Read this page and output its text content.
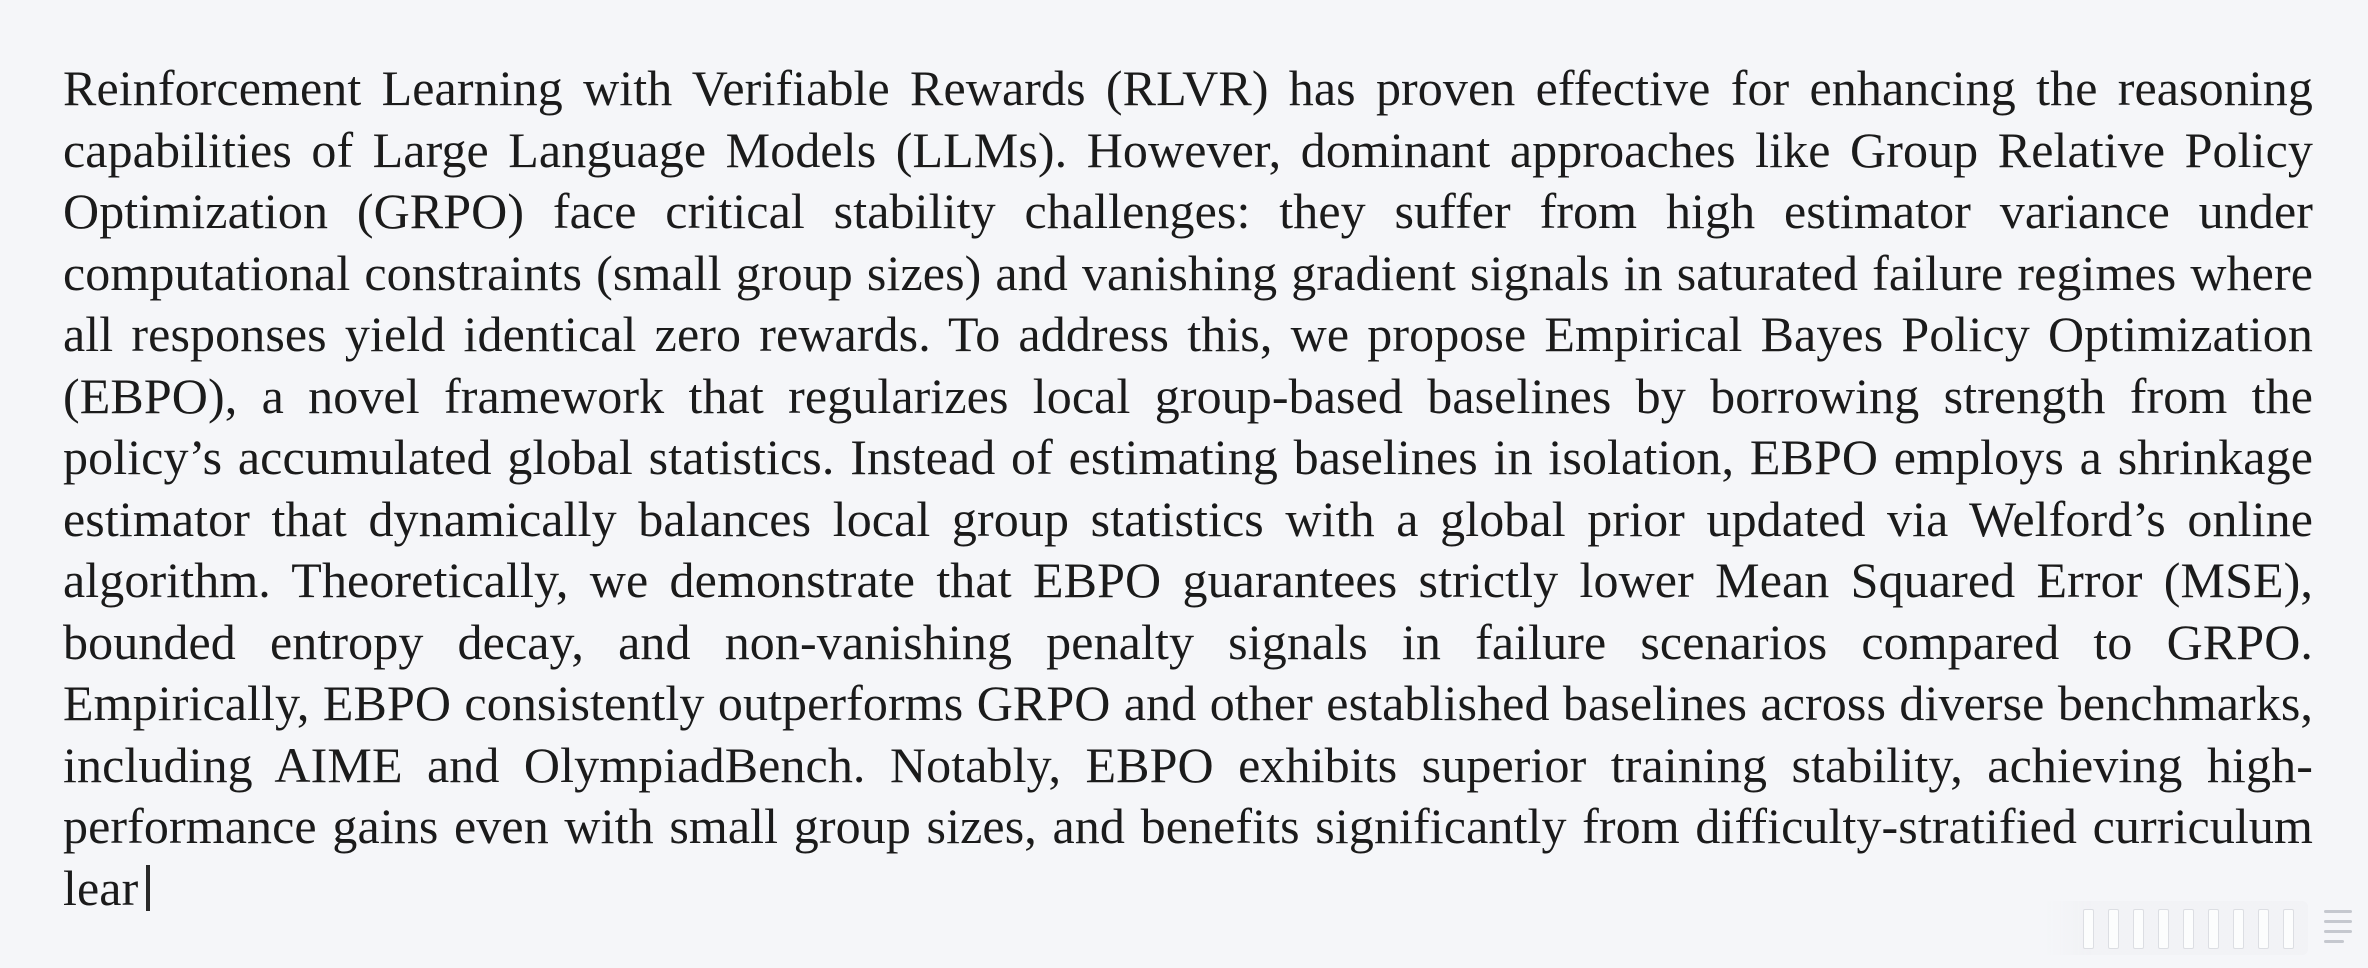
Reinforcement Learning with Verifiable Rewards (RLVR) has proven effective for enhancing the reasoning capabilities of Large Language Models (LLMs). However, dominant approaches like Group Relative Policy Optimization (GRPO) face critical stability challenges: they suffer from high estimator variance under computational constraints (small group sizes) and vanishing gradient signals in saturated failure regimes where all responses yield identical zero rewards. To address this, we propose Empirical Bayes Policy Optimization (EBPO), a novel framework that regularizes local group-based baselines by borrowing strength from the policy’s accumulated global statistics. Instead of estimating baselines in isolation, EBPO employs a shrinkage estimator that dynamically balances local group statistics with a global prior updated via Welford’s online algorithm. Theoretically, we demonstrate that EBPO guarantees strictly lower Mean Squared Error (MSE), bounded entropy decay, and non-vanishing penalty signals in failure scenarios compared to GRPO. Empirically, EBPO consistently outperforms GRPO and other established baselines across diverse benchmarks, including AIME and OlympiadBench. Notably, EBPO exhibits superior training stability, achieving high-performance gains even with small group sizes, and benefits significantly from difficulty-stratified curriculum lear
